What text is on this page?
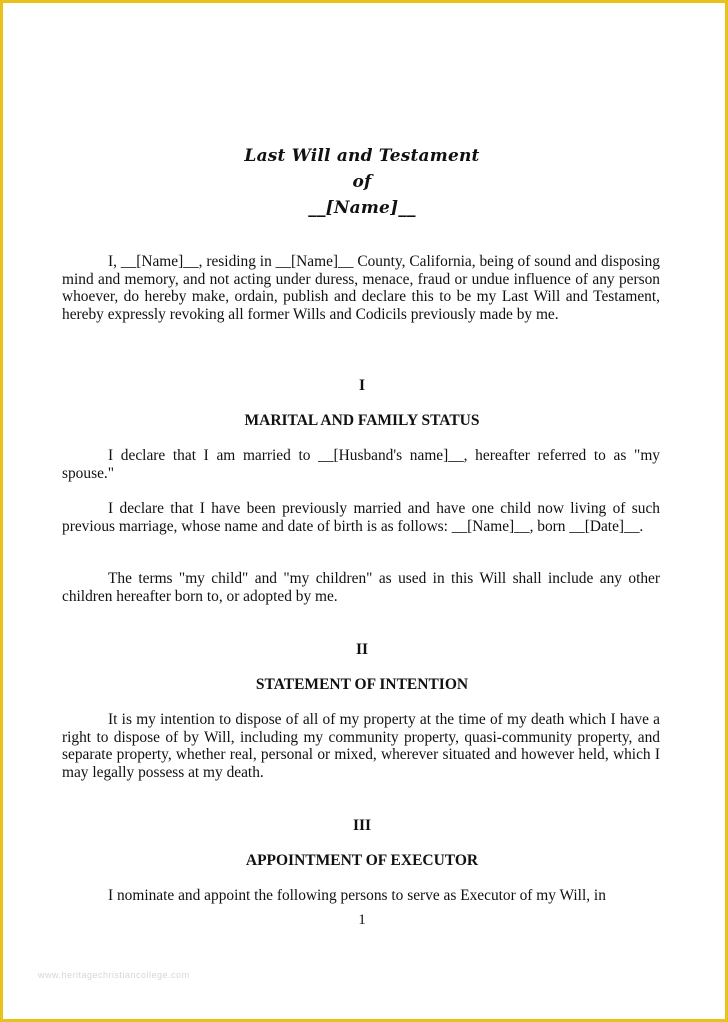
Last Will and Testament
of
__[Name]__

I, __[Name]__, residing in __[Name]__ County, California, being of sound and disposing mind and memory, and not acting under duress, menace, fraud or undue influence of any person whoever, do hereby make, ordain, publish and declare this to be my Last Will and Testament, hereby expressly revoking all former Wills and Codicils previously made by me.

I
MARITAL AND FAMILY STATUS

I declare that I am married to __[Husband's name]__, hereafter referred to as "my spouse."

I declare that I have been previously married and have one child now living of such previous marriage, whose name and date of birth is as follows: __[Name]__, born __[Date]__.

The terms "my child" and "my children" as used in this Will shall include any other children hereafter born to, or adopted by me.

II
STATEMENT OF INTENTION

It is my intention to dispose of all of my property at the time of my death which I have a right to dispose of by Will, including my community property, quasi-community property, and separate property, whether real, personal or mixed, wherever situated and however held, which I may legally possess at my death.

III
APPOINTMENT OF EXECUTOR

I nominate and appoint the following persons to serve as Executor of my Will, in

1
www.heritagechristiancollege.com
